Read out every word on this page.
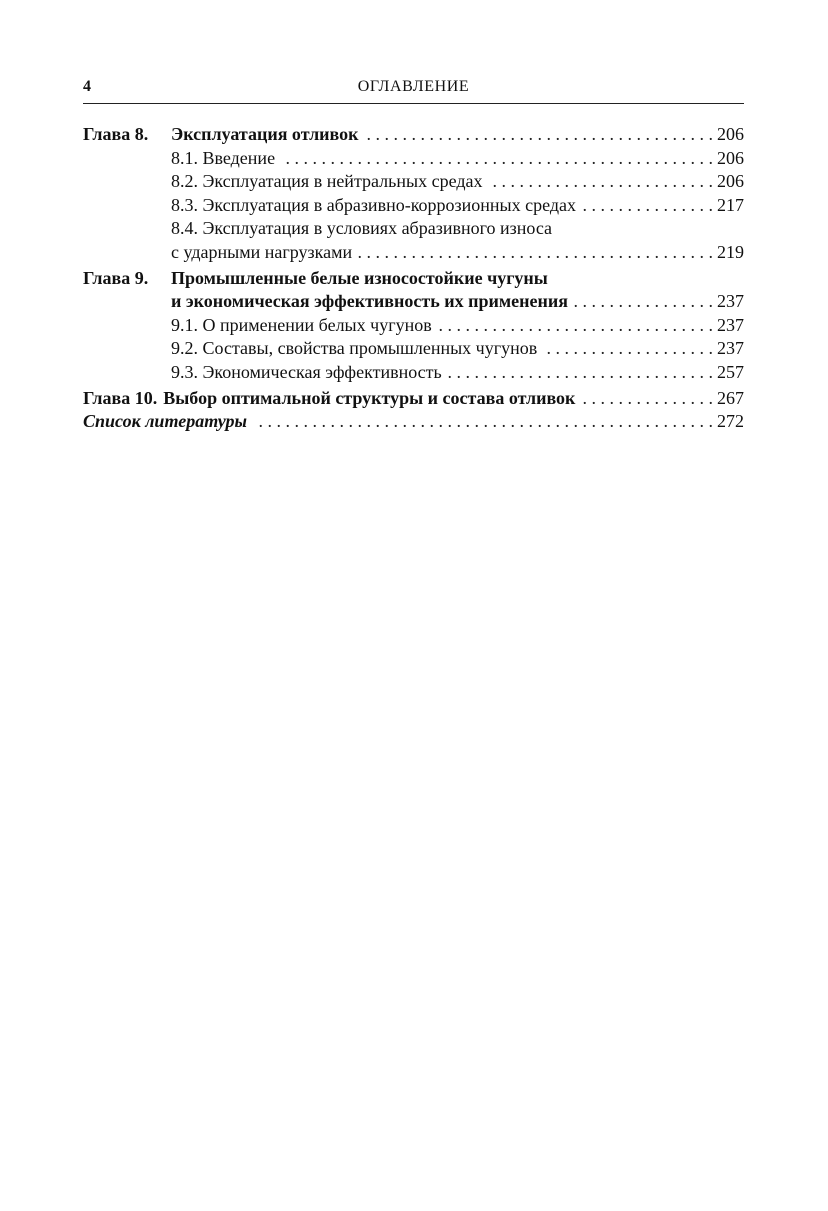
4	ОГЛАВЛЕНИЕ
Глава 8. Эксплуатация отливок . . .	206
8.1. Введение . . .	206
8.2. Эксплуатация в нейтральных средах . . .	206
8.3. Эксплуатация в абразивно-коррозионных средах . . .	217
8.4. Эксплуатация в условиях абразивного износа
с ударными нагрузками . . .	219
Глава 9. Промышленные белые износостойкие чугуны
и экономическая эффективность их применения . . .	237
9.1. О применении белых чугунов . . .	237
9.2. Составы, свойства промышленных чугунов . . .	237
9.3. Экономическая эффективность . . .	257
Глава 10. Выбор оптимальной структуры и состава отливок . . .	267
Список литературы . . .	272
